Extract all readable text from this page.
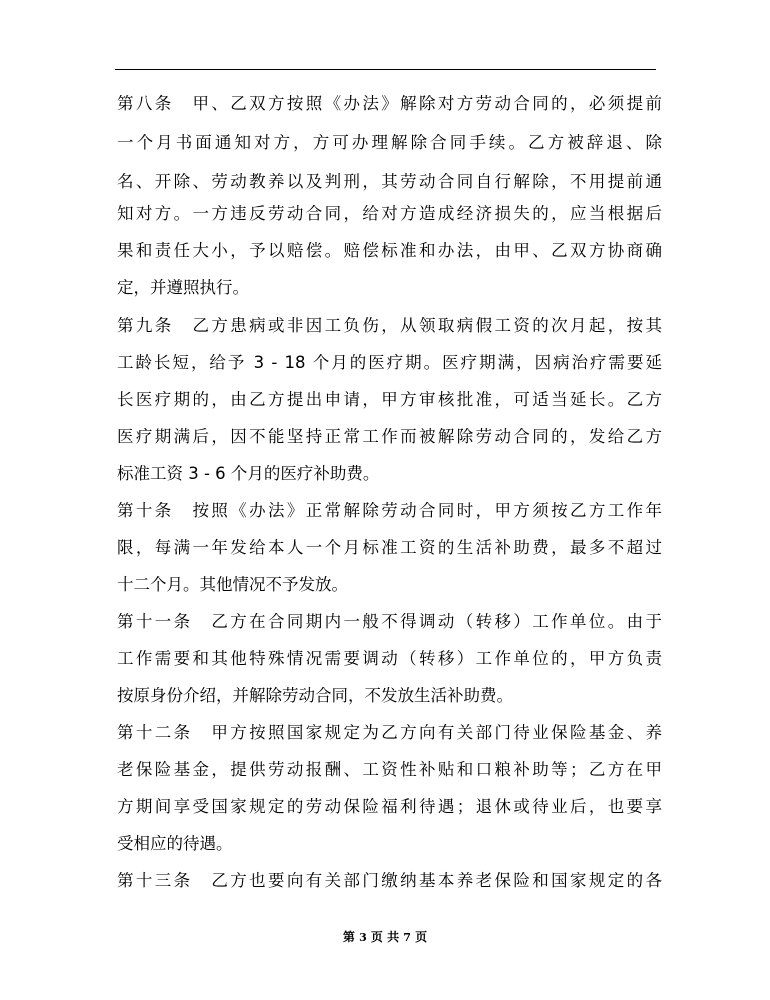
第八条　甲、乙双方按照《办法》解除对方劳动合同的，必须提前
一个月书面通知对方，方可办理解除合同手续。乙方被辞退、除
名、开除、劳动教养以及判刑，其劳动合同自行解除，不用提前通
知对方。一方违反劳动合同，给对方造成经济损失的，应当根据后
果和责任大小，予以赔偿。赔偿标准和办法，由甲、乙双方协商确
定，并遵照执行。
第九条　乙方患病或非因工负伤，从领取病假工资的次月起，按其
工龄长短，给予 3 - 18 个月的医疗期。医疗期满，因病治疗需要延
长医疗期的，由乙方提出申请，甲方审核批准，可适当延长。乙方
医疗期满后，因不能坚持正常工作而被解除劳动合同的，发给乙方
标准工资 3 - 6 个月的医疗补助费。
第十条　按照《办法》正常解除劳动合同时，甲方须按乙方工作年
限，每满一年发给本人一个月标准工资的生活补助费，最多不超过
十二个月。其他情况不予发放。
第十一条　乙方在合同期内一般不得调动（转移）工作单位。由于
工作需要和其他特殊情况需要调动（转移）工作单位的，甲方负责
按原身份介绍，并解除劳动合同，不发放生活补助费。
第十二条　甲方按照国家规定为乙方向有关部门待业保险基金、养
老保险基金，提供劳动报酬、工资性补贴和口粮补助等；乙方在甲
方期间享受国家规定的劳动保险福利待遇；退休或待业后，也要享
受相应的待遇。
第十三条　乙方也要向有关部门缴纳基本养老保险和国家规定的各
第 3 页 共 7 页
